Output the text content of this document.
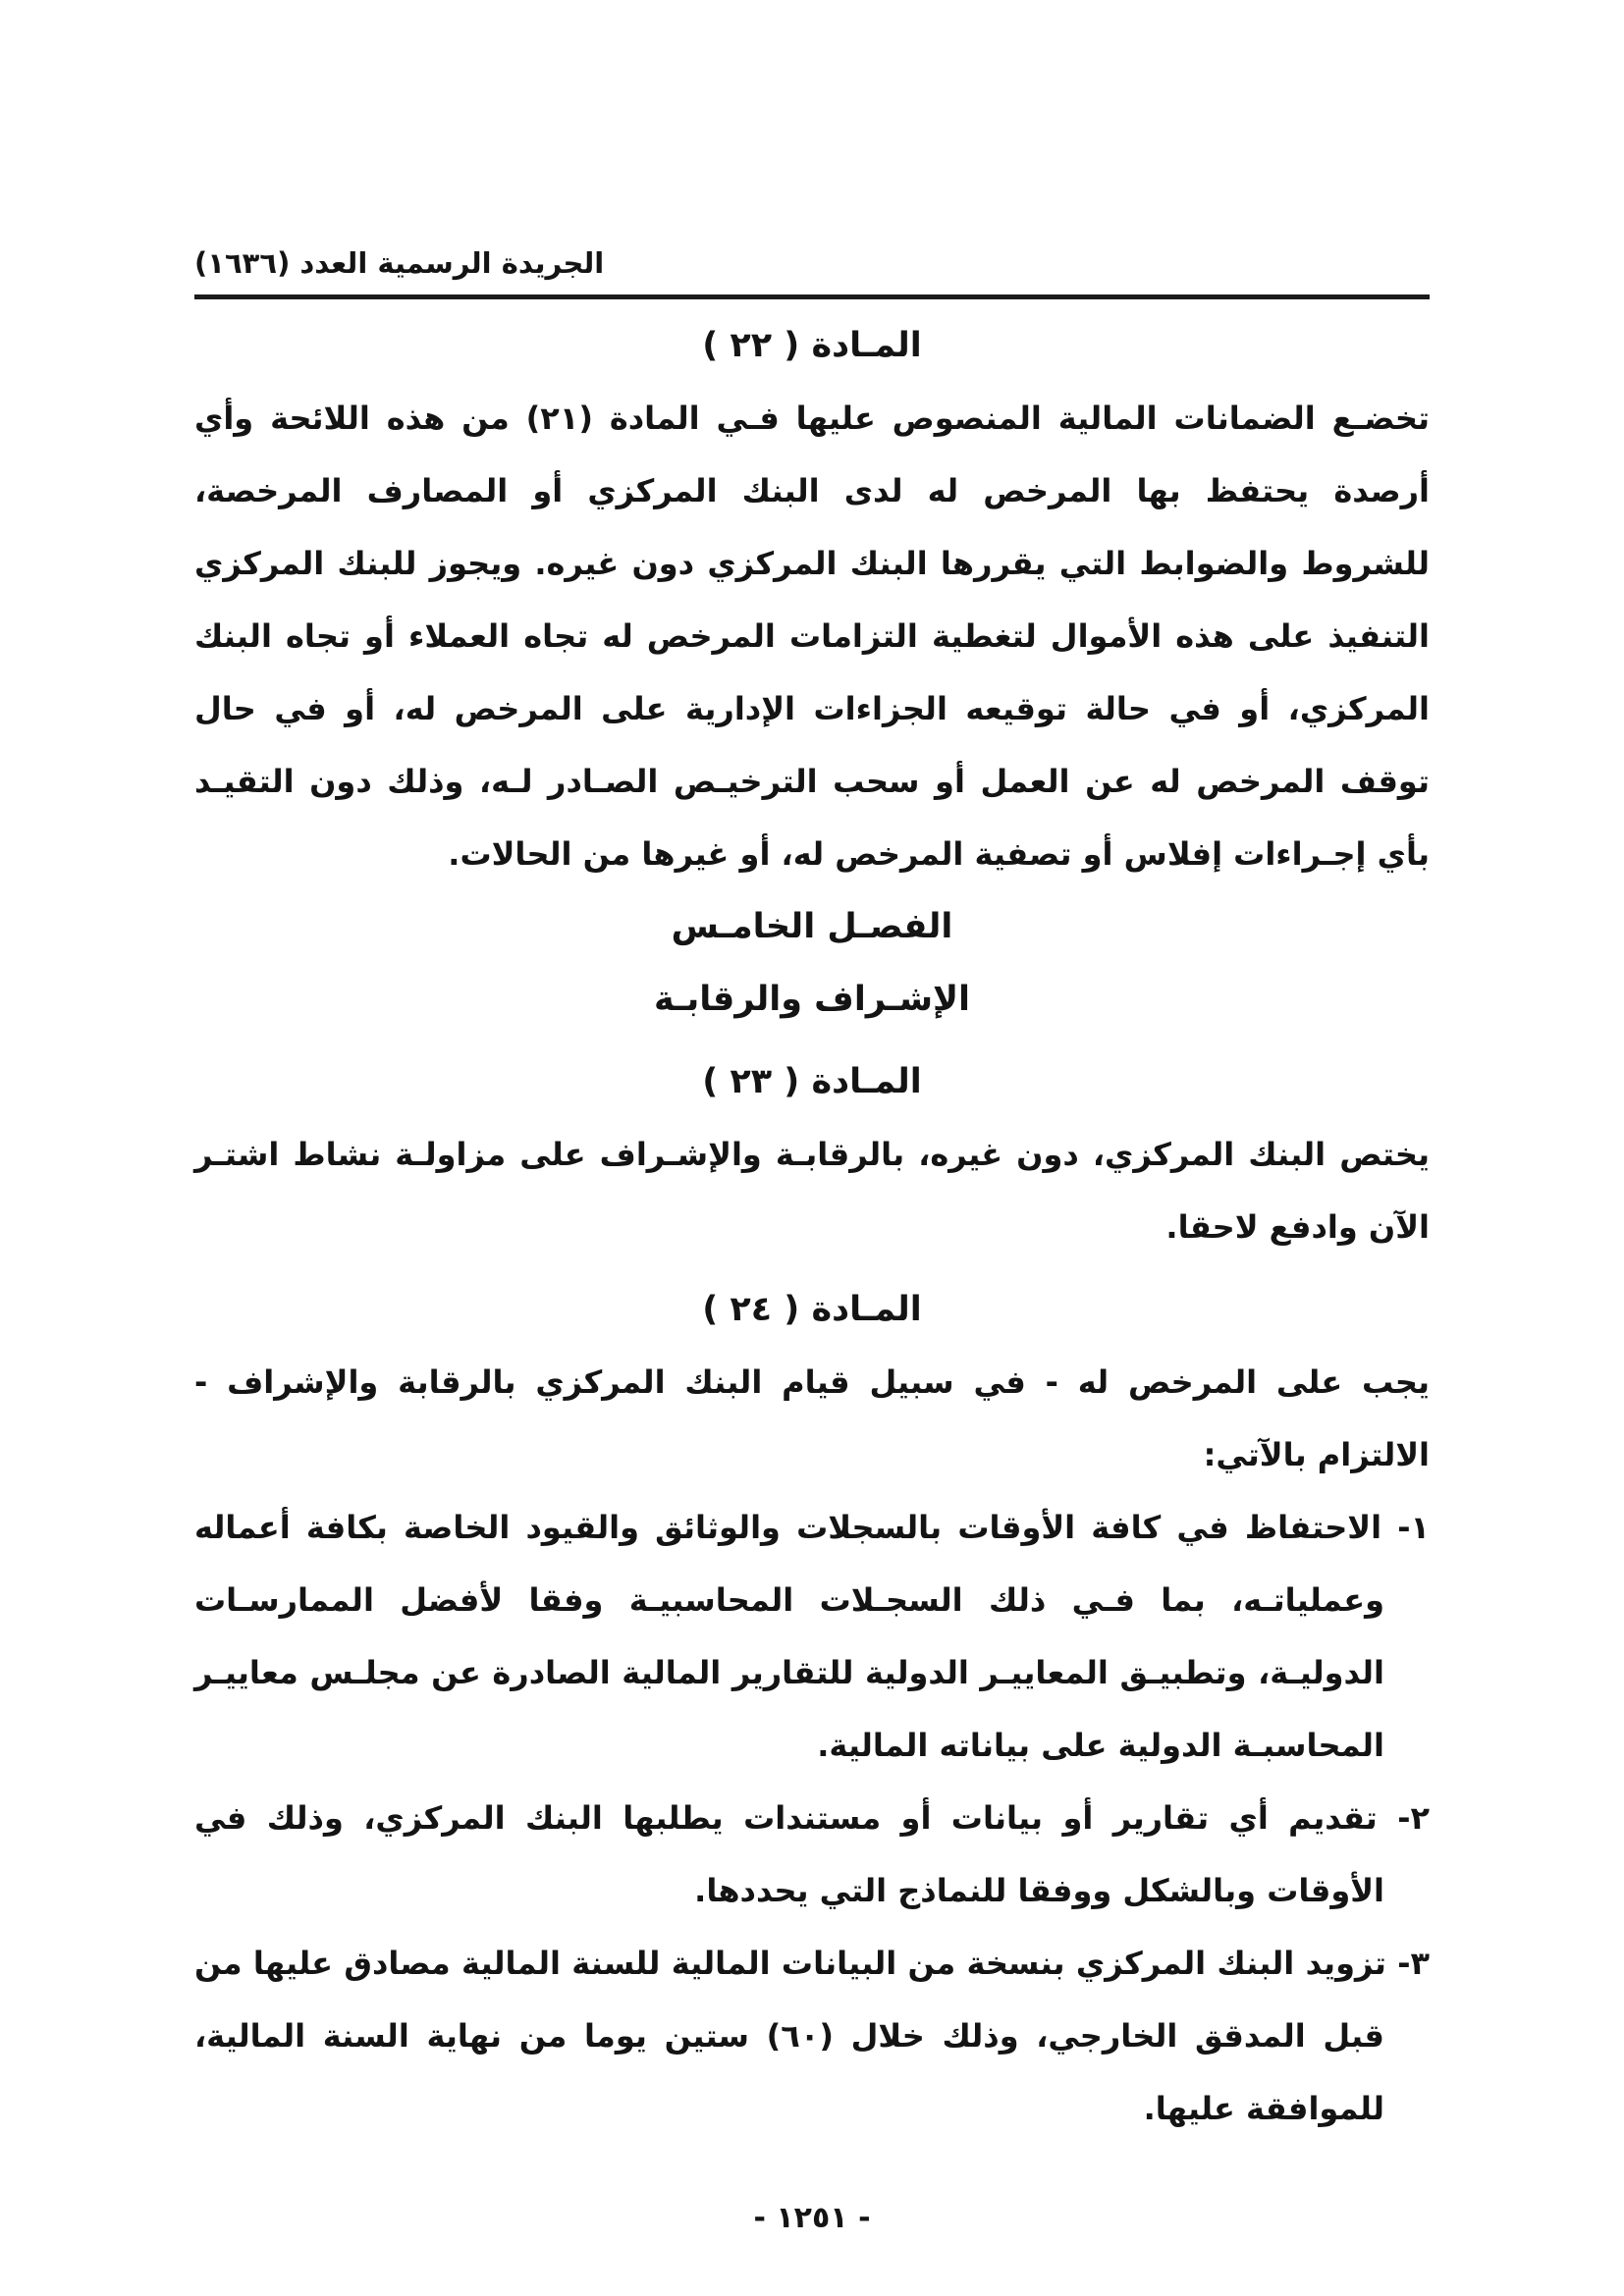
الجريدة الرسمية العدد (١٦٣٦)
المـادة ( ٢٢ )

تخضـع الضمانات المالية المنصوص عليها فـي المادة (٢١) من هذه اللائحة وأي أرصدة يحتفظ بها المرخص له لدى البنك المركزي أو المصارف المرخصة، للشروط والضوابط التي يقررها البنك المركزي دون غيره. ويجوز للبنك المركزي التنفيذ على هذه الأموال لتغطية التزامات المرخص له تجاه العملاء أو تجاه البنك المركزي، أو في حالة توقيعه الجزاءات الإدارية على المرخص له، أو في حال توقف المرخص له عن العمل أو سحب الترخيـص الصـادر لـه، وذلك دون التقيـد بأي إجـراءات إفلاس أو تصفية المرخص له، أو غيرها من الحالات.

الفصـل الخامـس
الإشـراف والرقابـة
المـادة ( ٢٣ )

يختص البنك المركزي، دون غيره، بالرقابـة والإشـراف على مزاولـة نشاط اشتـر الآن وادفع لاحقا.

المـادة ( ٢٤ )

يجب على المرخص له - في سبيل قيام البنك المركزي بالرقابة والإشراف - الالتزام بالآتي:

١- الاحتفاظ في كافة الأوقات بالسجلات والوثائق والقيود الخاصة بكافة أعماله وعملياتـه، بما فـي ذلك السجـلات المحاسبيـة وفقا لأفضل الممارسـات الدوليـة، وتطبيـق المعاييـر الدولية للتقارير المالية الصادرة عن مجلـس معاييـر المحاسبـة الدولية على بياناته المالية.

٢- تقديم أي تقارير أو بيانات أو مستندات يطلبها البنك المركزي، وذلك في الأوقات وبالشكل ووفقا للنماذج التي يحددها.

٣- تزويد البنك المركزي بنسخة من البيانات المالية للسنة المالية مصادق عليها من قبل المدقق الخارجي، وذلك خلال (٦٠) ستين يوما من نهاية السنة المالية، للموافقة عليها.

- ١٢٥١ -
